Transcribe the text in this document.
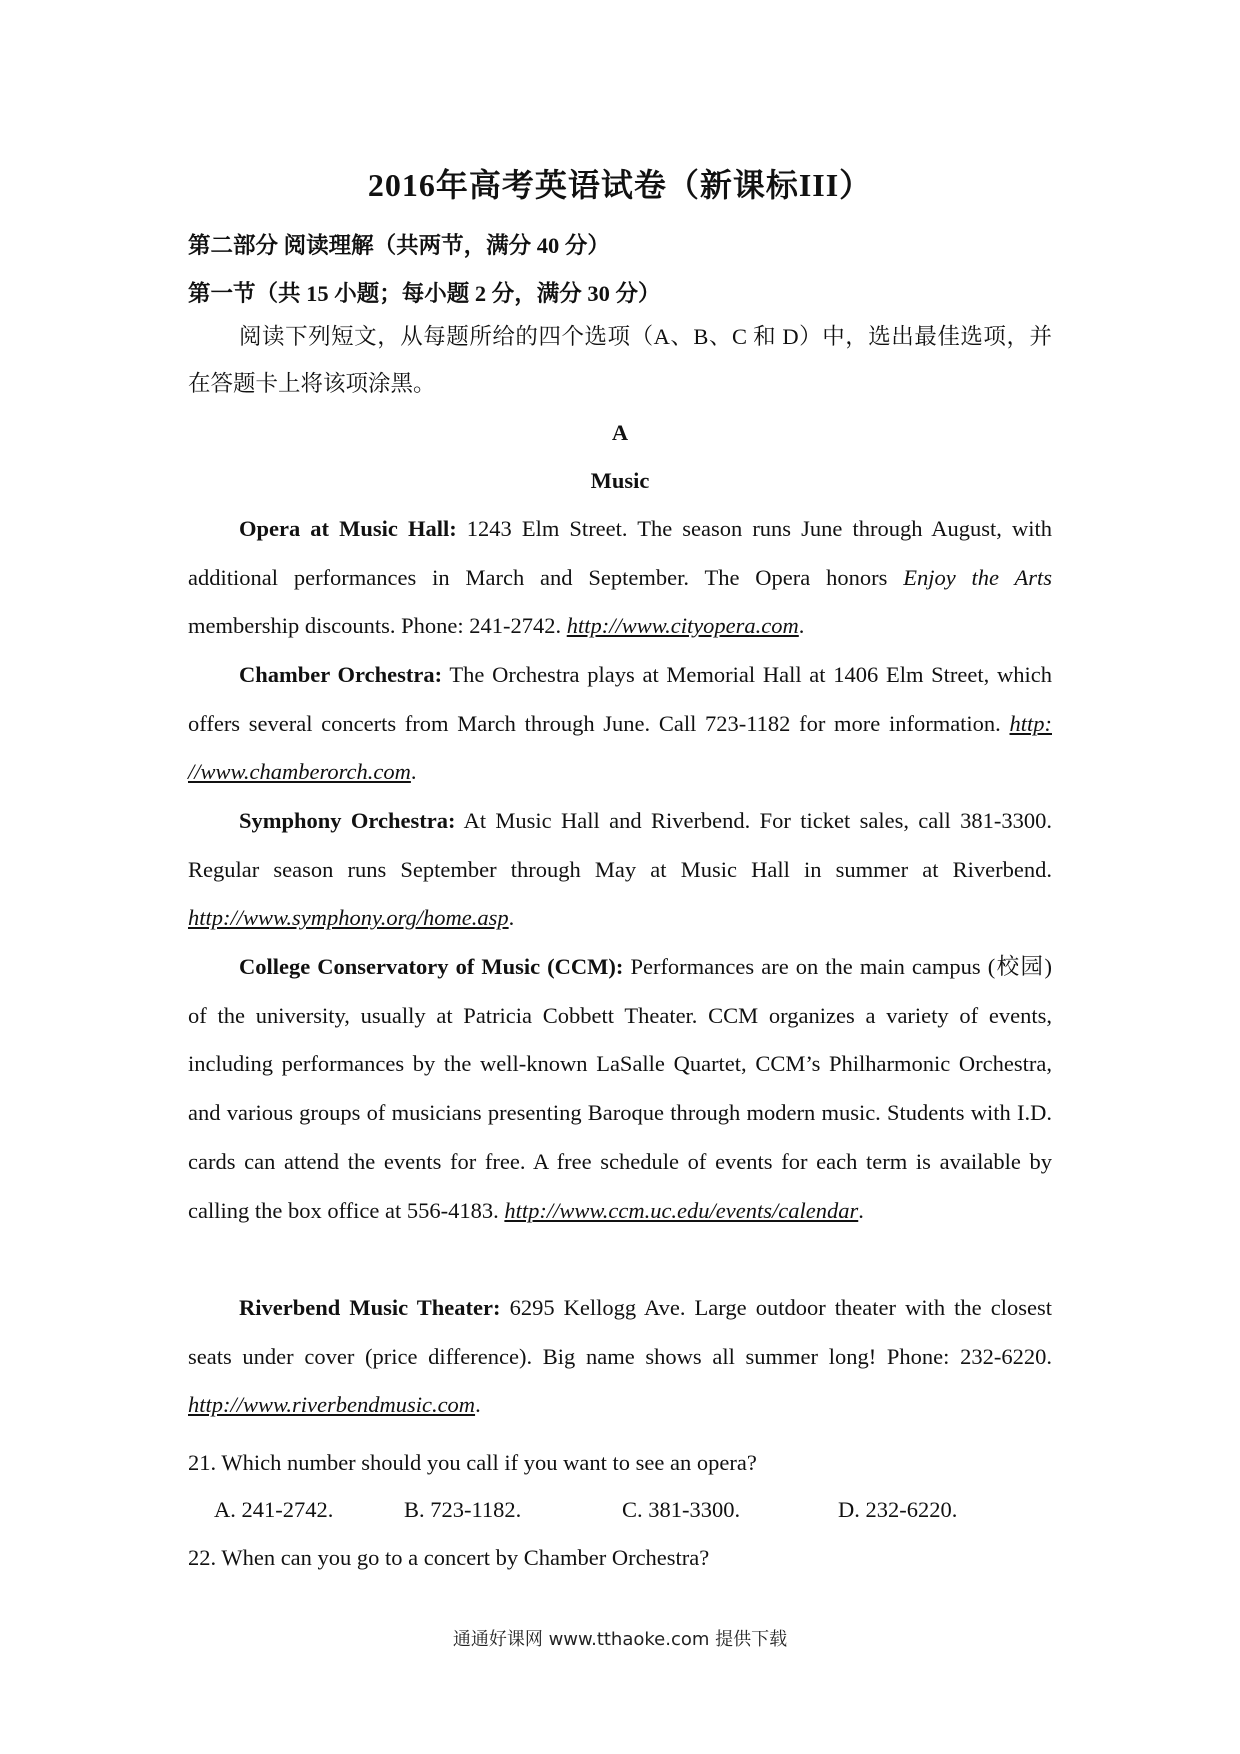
2016年高考英语试卷（新课标III）
第二部分 阅读理解（共两节，满分 40 分）
第一节（共 15 小题；每小题 2 分，满分 30 分）
阅读下列短文，从每题所给的四个选项（A、B、C 和 D）中，选出最佳选项，并在答题卡上将该项涂黑。
A
Music
Opera at Music Hall: 1243 Elm Street. The season runs June through August, with additional performances in March and September. The Opera honors Enjoy the Arts membership discounts. Phone: 241-2742. http://www.cityopera.com.
Chamber Orchestra: The Orchestra plays at Memorial Hall at 1406 Elm Street, which offers several concerts from March through June. Call 723-1182 for more information. http: //www.chamberorch.com.
Symphony Orchestra: At Music Hall and Riverbend. For ticket sales, call 381-3300. Regular season runs September through May at Music Hall in summer at Riverbend. http://www.symphony.org/home.asp.
College Conservatory of Music (CCM): Performances are on the main campus (校园) of the university, usually at Patricia Cobbett Theater. CCM organizes a variety of events, including performances by the well-known LaSalle Quartet, CCM’s Philharmonic Orchestra, and various groups of musicians presenting Baroque through modern music. Students with I.D. cards can attend the events for free. A free schedule of events for each term is available by calling the box office at 556-4183. http://www.ccm.uc.edu/events/calendar.
Riverbend Music Theater: 6295 Kellogg Ave. Large outdoor theater with the closest seats under cover (price difference). Big name shows all summer long! Phone: 232-6220. http://www.riverbendmusic.com.
21. Which number should you call if you want to see an opera?
A. 241-2742.	B. 723-1182.	C. 381-3300.	D. 232-6220.
22. When can you go to a concert by Chamber Orchestra?
通通好课网 www.tthaoke.com 提供下载
